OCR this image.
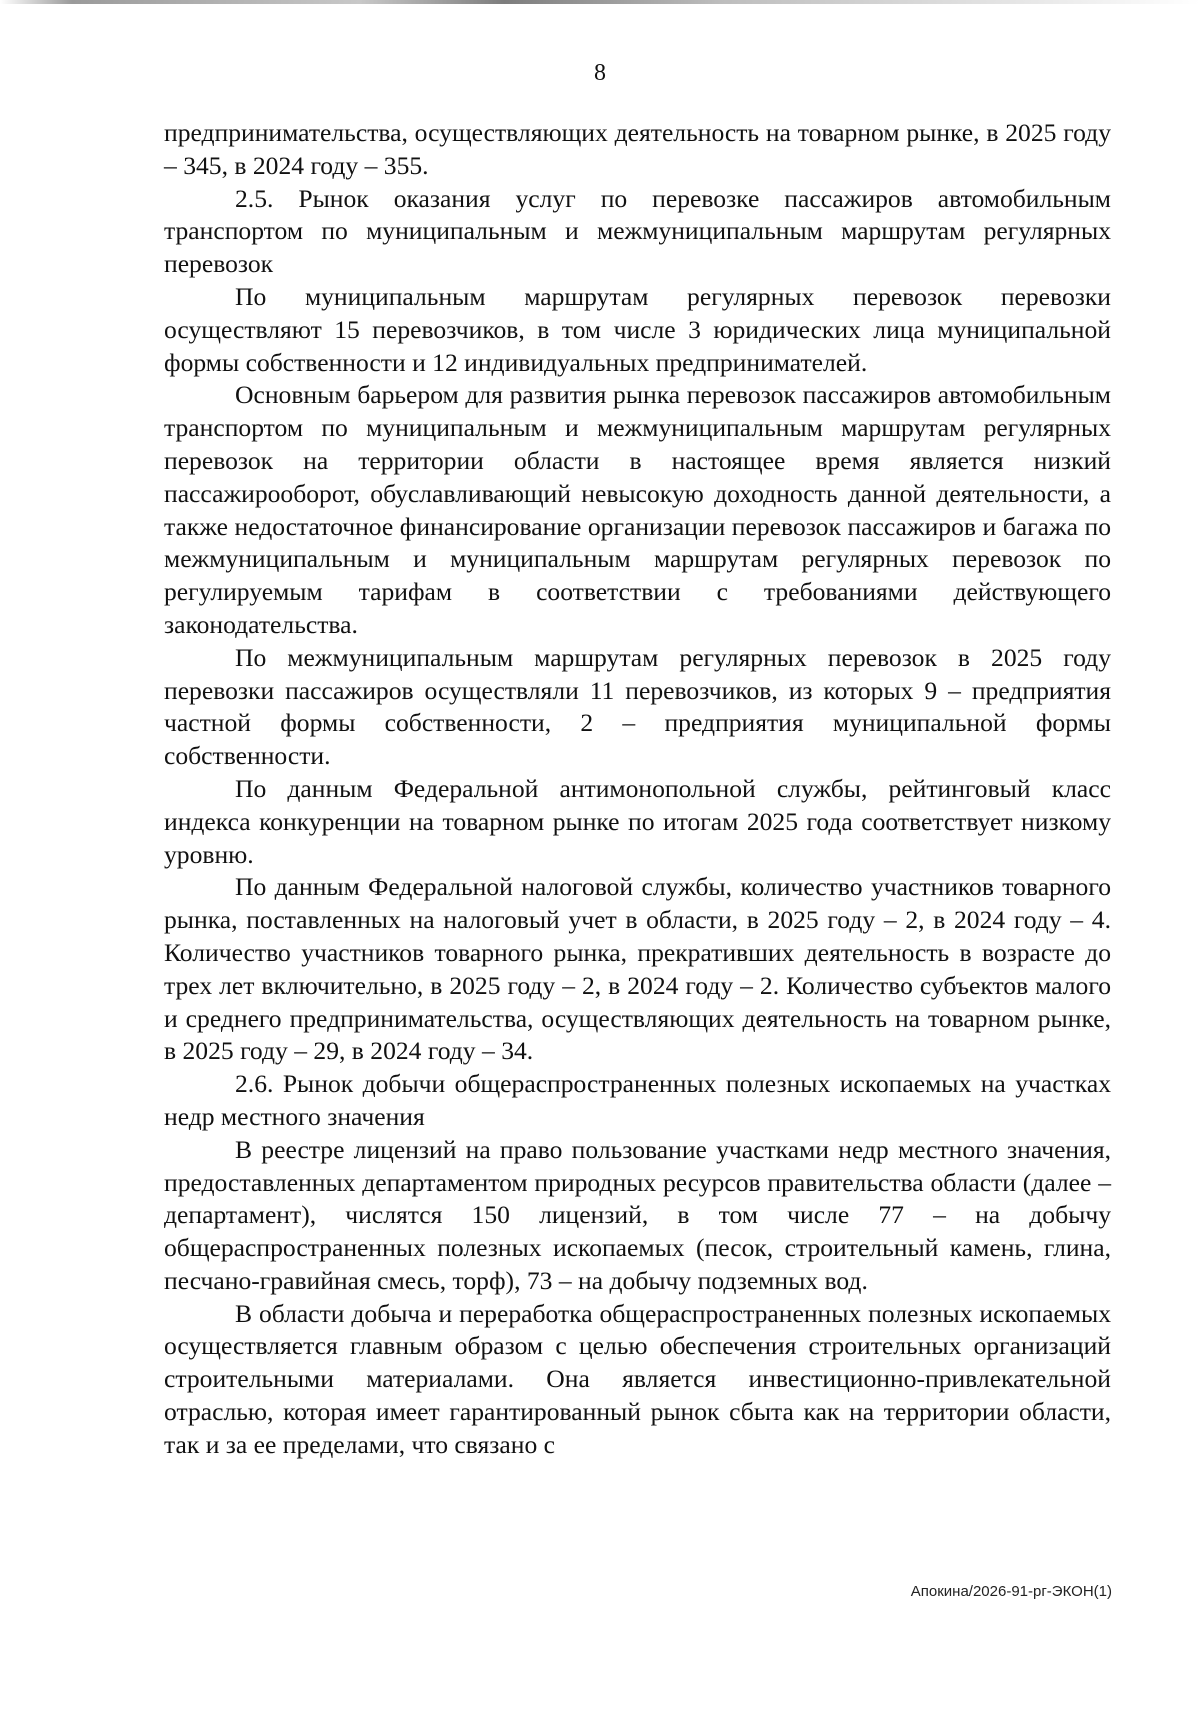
8

предпринимательства, осуществляющих деятельность на товарном рынке, в 2025 году – 345, в 2024 году – 355.

2.5. Рынок оказания услуг по перевозке пассажиров автомобильным транспортом по муниципальным и межмуниципальным маршрутам регулярных перевозок

По муниципальным маршрутам регулярных перевозок перевозки осуществляют 15 перевозчиков, в том числе 3 юридических лица муниципальной формы собственности и 12 индивидуальных предпринимателей.

Основным барьером для развития рынка перевозок пассажиров автомобильным транспортом по муниципальным и межмуниципальным маршрутам регулярных перевозок на территории области в настоящее время является низкий пассажирооборот, обуславливающий невысокую доходность данной деятельности, а также недостаточное финансирование организации перевозок пассажиров и багажа по межмуниципальным и муниципальным маршрутам регулярных перевозок по регулируемым тарифам в соответствии с требованиями действующего законодательства.

По межмуниципальным маршрутам регулярных перевозок в 2025 году перевозки пассажиров осуществляли 11 перевозчиков, из которых 9 – предприятия частной формы собственности, 2 – предприятия муниципальной формы собственности.

По данным Федеральной антимонопольной службы, рейтинговый класс индекса конкуренции на товарном рынке по итогам 2025 года соответствует низкому уровню.

По данным Федеральной налоговой службы, количество участников товарного рынка, поставленных на налоговый учет в области, в 2025 году – 2, в 2024 году – 4. Количество участников товарного рынка, прекративших деятельность в возрасте до трех лет включительно, в 2025 году – 2, в 2024 году – 2. Количество субъектов малого и среднего предпринимательства, осуществляющих деятельность на товарном рынке, в 2025 году – 29, в 2024 году – 34.

2.6. Рынок добычи общераспространенных полезных ископаемых на участках недр местного значения

В реестре лицензий на право пользование участками недр местного значения, предоставленных департаментом природных ресурсов правительства области (далее – департамент), числятся 150 лицензий, в том числе 77 – на добычу общераспространенных полезных ископаемых (песок, строительный камень, глина, песчано-гравийная смесь, торф), 73 – на добычу подземных вод.

В области добыча и переработка общераспространенных полезных ископаемых осуществляется главным образом с целью обеспечения строительных организаций строительными материалами. Она является инвестиционно-привлекательной отраслью, которая имеет гарантированный рынок сбыта как на территории области, так и за ее пределами, что связано с

Апокина/2026-91-рг-ЭКОН(1)
